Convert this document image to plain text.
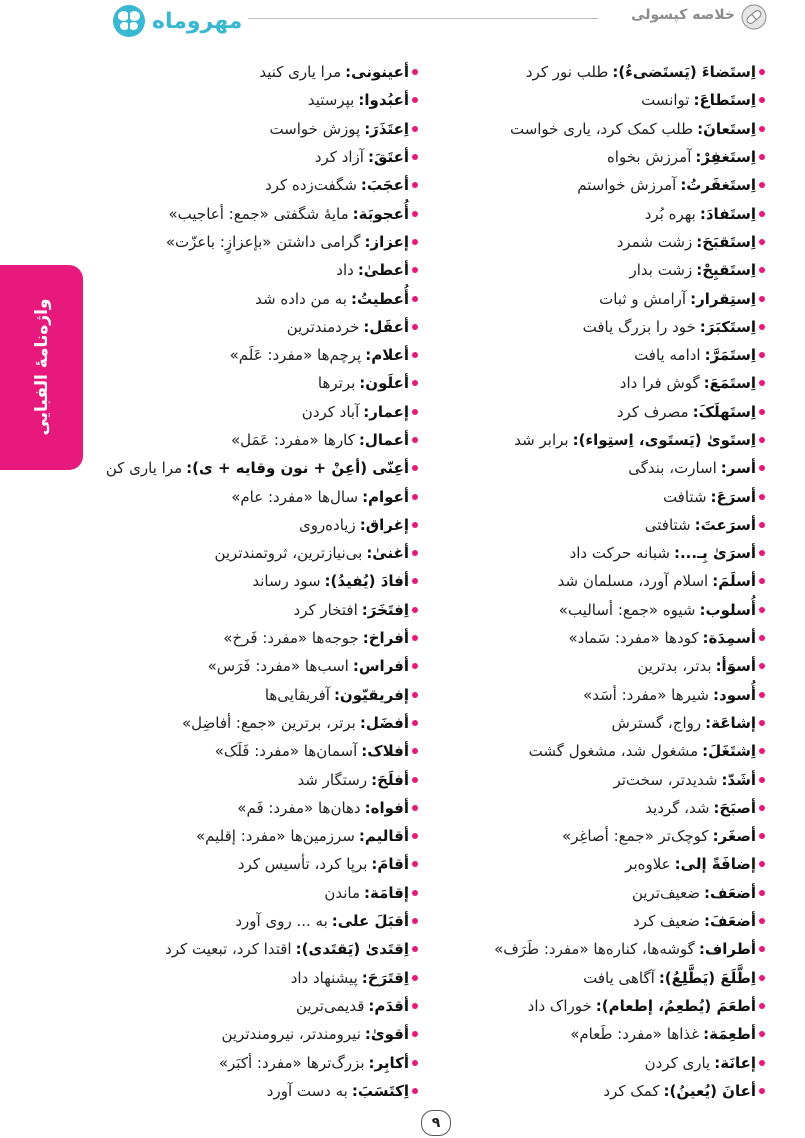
مهروماه	خلاصه کپسولی
واژه‌نامهٔ الفبایی
اِستَضاءَ (یَستَضیءُ):
طلب نور کرد
اِستَطاعَ:
توانست
اِستَعانَ:
طلب کمک کرد، یاری خواست
اِستَغفِرْ:
آمرزش بخواه
اِستَغفَرتُ:
آمرزش خواستم
اِستَفادَ:
بهره بُرد
اِستَقبَحَ:
زشت شمرد
اِستَقبِحْ:
زشت بدار
اِستِقرار:
آرامش و ثبات
اِستَکبَرَ:
خود را بزرگ یافت
اِستَمَرَّ:
ادامه یافت
اِستَمَعَ:
گوش فرا داد
اِستَهلَکَ:
مصرف کرد
اِستَویٰ (یَستَوی، اِستِواء):
برابر شد
أسر:
اسارت، بندگی
أسرَعَ:
شتافت
أسرَعتَ:
شتافتی
أسرَیٰ بِـ...:
شبانه حرکت داد
أسلَمَ:
اسلام آورد، مسلمان شد
أُسلوب:
شیوه «جمع: أسالیب»
أسمِدَة:
کودها «مفرد: سَماد»
أسوَأ:
بدتر، بدترین
أُسود:
شیرها «مفرد: أسَد»
إشاعَة:
رواج، گسترش
اِشتَغَلَ:
مشغول شد، مشغول گشت
أشَدّ:
شدیدتر، سخت‌تر
أصبَحَ:
شد، گردید
أصغَر:
کوچک‌تر «جمع: أصاغِر»
إضافَةً إلی:
علاوه‌بر
أضعَف:
ضعیف‌ترین
أضعَفَ:
ضعیف کرد
أطراف:
گوشه‌ها، کناره‌ها «مفرد: طَرَف»
اِطَّلَعَ (یَطَّلِعُ):
آگاهی یافت
أطعَمَ (یُطعِمُ، إطعام):
خوراک داد
أطعِمَة:
غذاها «مفرد: طَعام»
إعانَة:
یاری کردن
أعانَ (یُعینُ):
کمک کرد
أعینونی:
مرا یاری کنید
أعبُدوا:
بپرستید
اِعتَذَرَ:
پوزش خواست
أعتَقَ:
آزاد کرد
أعجَبَ:
شگفت‌زده کرد
أُعجوبَة:
مایهٔ شگفتی «جمع: أعاجیب»
إعزاز:
گرامی داشتن «بإعزازٍ: باعزّت»
أعطیٰ:
داد
أُعطیتُ:
به من داده شد
أعقَل:
خردمندترین
أعلام:
پرچم‌ها «مفرد: عَلَم»
أعلَون:
برترها
إعمار:
آباد کردن
أعمال:
کارها «مفرد: عَمَل»
أعِنّی (أعِنْ + نون وقایه + ی):
مرا یاری کن
أعوام:
سال‌ها «مفرد: عام»
إغراق:
زیاده‌روی
أغنیٰ:
بی‌نیازترین، ثروتمندترین
أفادَ (یُفیدُ):
سود رساند
اِفتَخَرَ:
افتخار کرد
أفراخ:
جوجه‌ها «مفرد: فَرخ»
أفراس:
اسب‌ها «مفرد: فَرَس»
إفریقیّون:
آفریقایی‌ها
أفضَل:
برتر، برترین «جمع: أفاضِل»
أفلاک:
آسمان‌ها «مفرد: فَلَک»
أفلَحَ:
رستگار شد
أفواه:
دهان‌ها «مفرد: فَم»
أقالیم:
سرزمین‌ها «مفرد: إقلیم»
أقامَ:
برپا کرد، تأسیس کرد
إقامَة:
ماندن
أقبَلَ علی:
به ... روی آورد
اِقتَدیٰ (یَقتَدی):
اقتدا کرد، تبعیت کرد
اِقتَرَحَ:
پیشنهاد داد
أقدَم:
قدیمی‌ترین
أقویٰ:
نیرومندتر، نیرومندترین
أکابِر:
بزرگ‌ترها «مفرد: أکبَر»
اِکتَسَبَ:
به دست آورد
۹
